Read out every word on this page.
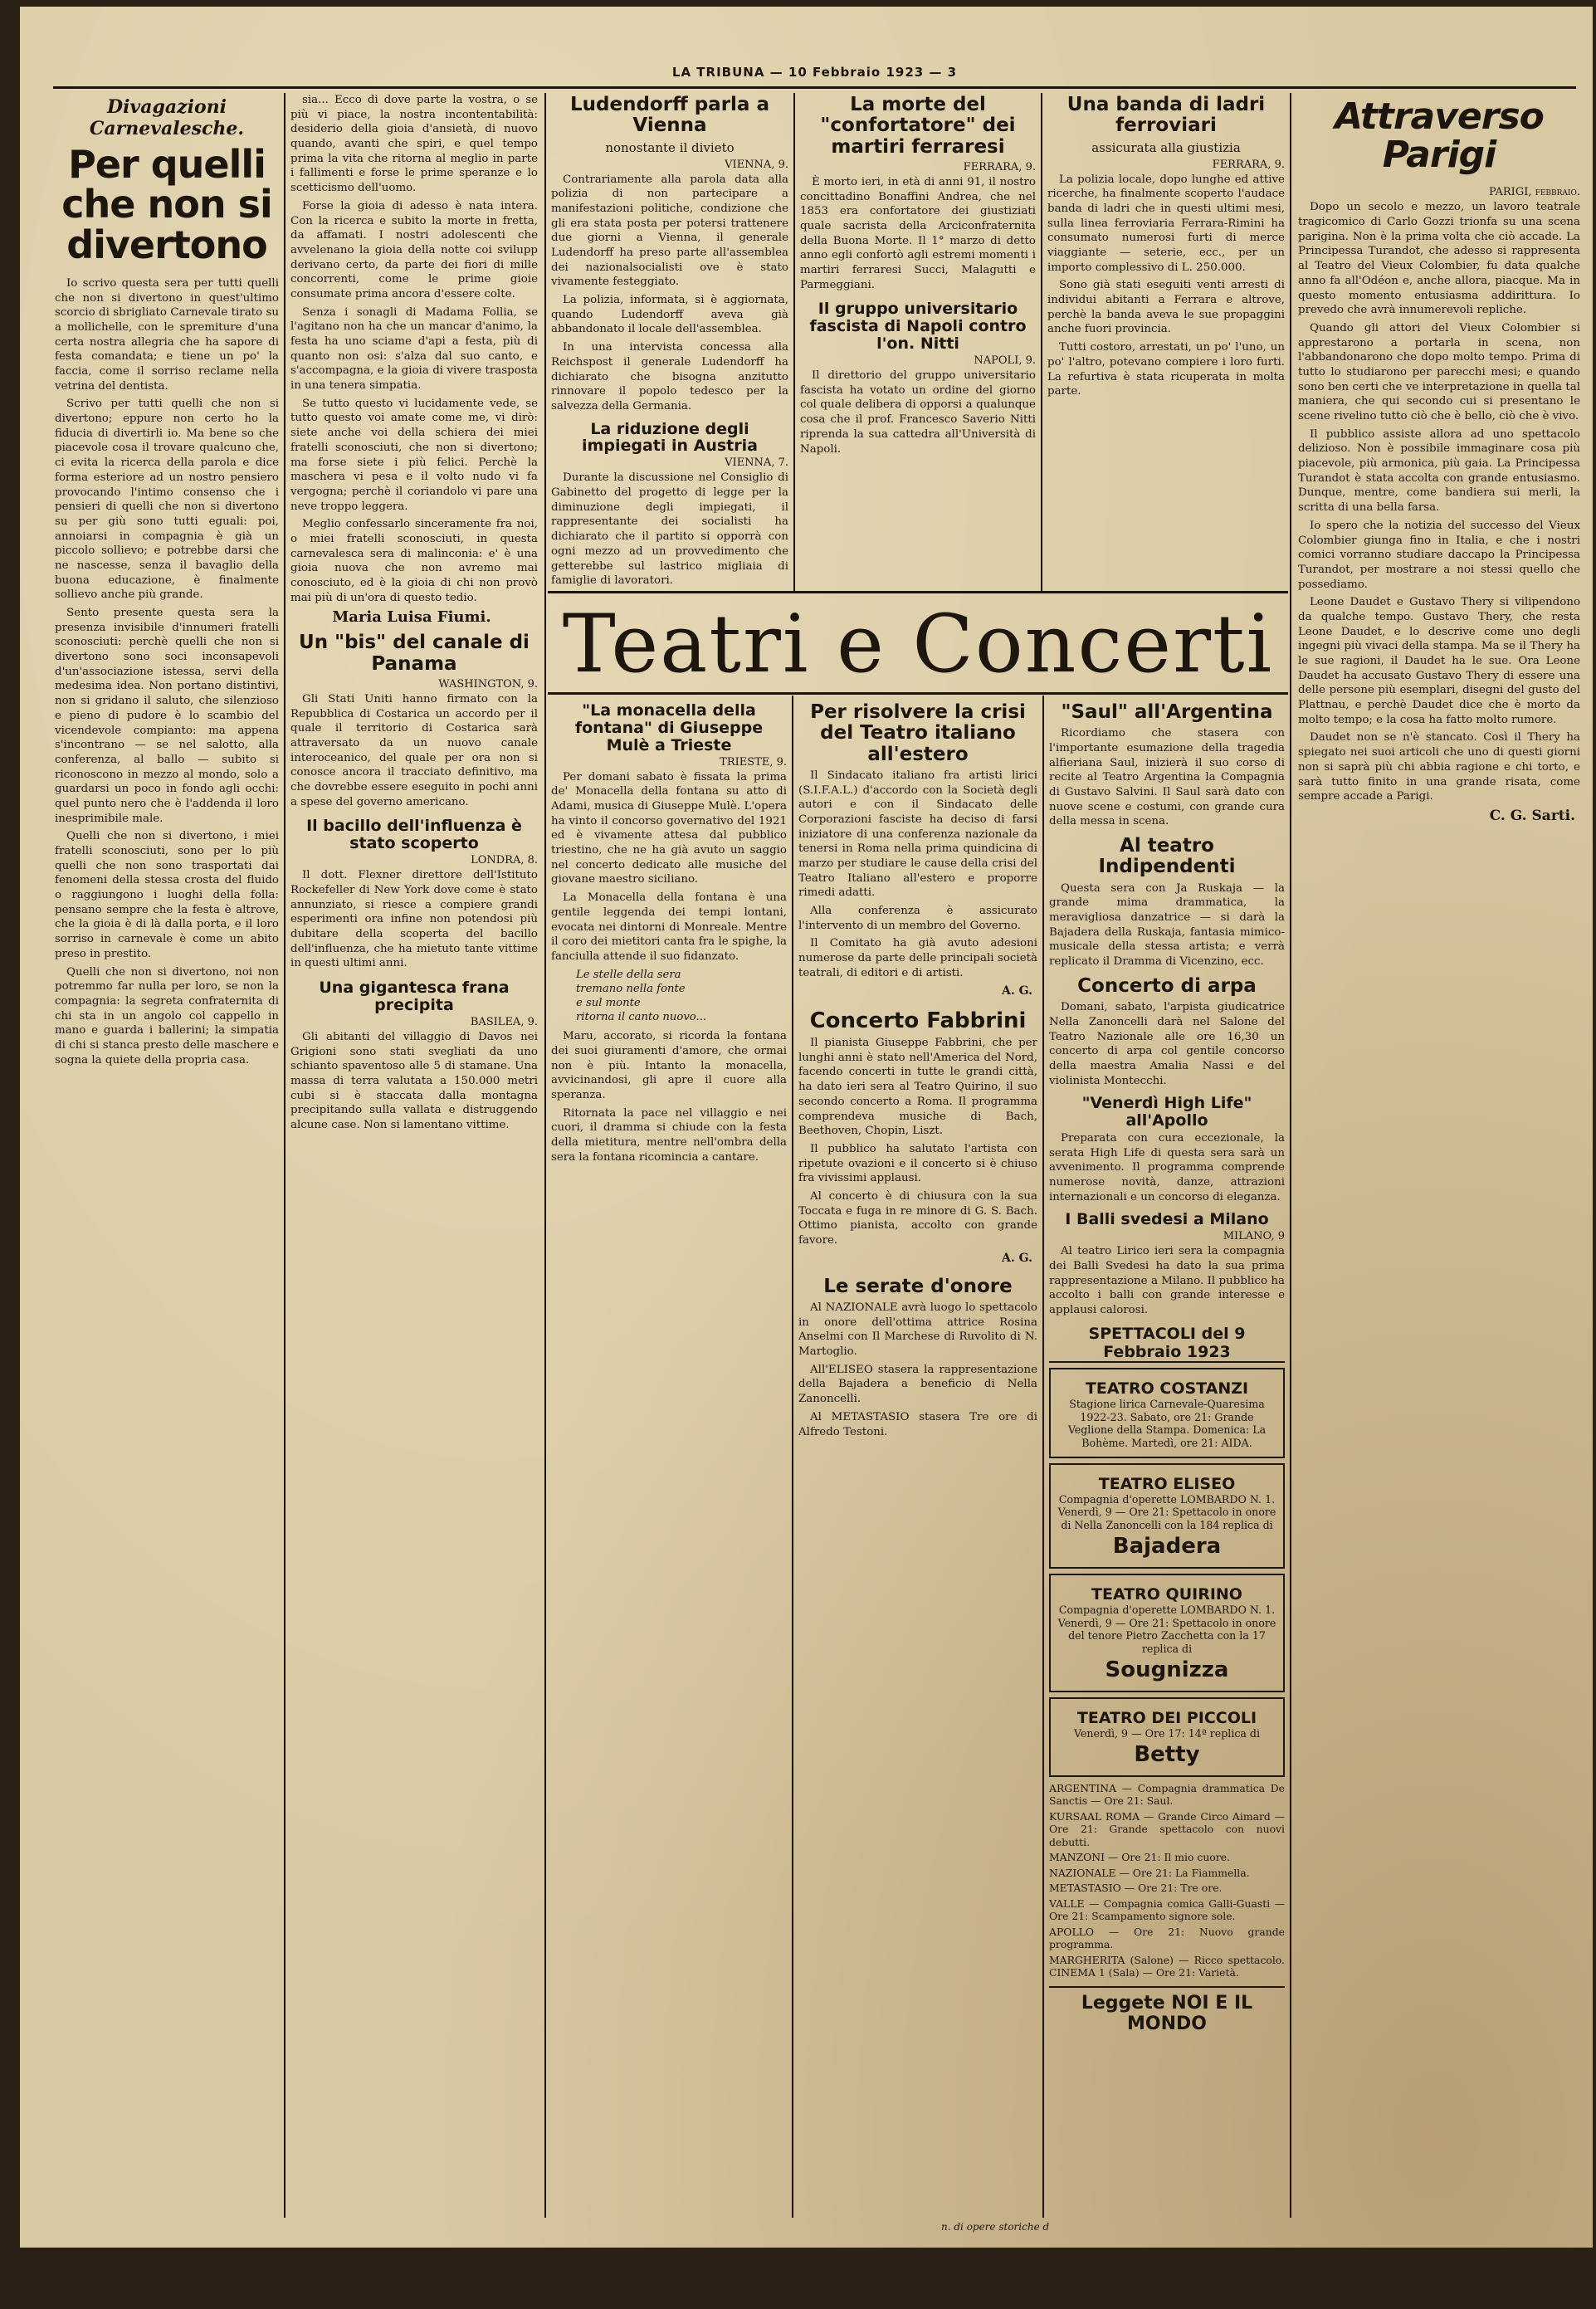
LA TRIBUNA — 10 Febbraio 1923 — 3
Divagazioni Carnevalesche.
Per quelli che non si divertono

Io scrivo questa sera per tutti quelli che non si divertono in quest'ultimo scorcio di sbrigliato Carnevale tirato su a mollichelle, con le spremiture d'una certa nostra allegria che ha sapore di festa comandata; e tiene un po' la faccia, come il sorriso reclame nella vetrina del dentista.

Scrivo per tutti quelli che non si divertono; eppure non certo ho la fiducia di divertirli io. Ma bene so che piacevole cosa il trovare qualcuno che, ci evita la ricerca della parola e dice forma esteriore ad un nostro pensiero provocando l'intimo consenso che i pensieri di quelli che non si divertono su per giù sono tutti eguali: poi, annoiarsi in compagnia è già un piccolo sollievo; e potrebbe darsi che ne nascesse, senza il bavaglio della buona educazione, è finalmente sollievo anche più grande.

Sento presente questa sera la presenza invisibile d'innumeri fratelli sconosciuti: perchè quelli che non si divertono sono soci inconsapevoli d'un'associazione istessa, servi della medesima idea. Non portano distintivi, non si gridano il saluto, che silenzioso e pieno di pudore è lo scambio del vicendevole compianto: ma appena s'incontrano — se nel salotto, alla conferenza, al ballo — subito si riconoscono in mezzo al mondo, solo a guardarsi un poco in fondo agli occhi: quel punto nero che è l'addenda il loro inesprimibile male.

Quelli che non si divertono, i miei fratelli sconosciuti, sono per lo più quelli che non sono trasportati dai fenomeni della stessa crosta del fluido o raggiungono i luoghi della folla: pensano sempre che la festa è altrove, che la gioia è di là dalla porta, e il loro sorriso in carnevale è come un abito preso in prestito.

Quelli che non si divertono, noi non potremmo far nulla per loro, se non la compagnia: la segreta confraternita di chi sta in un angolo col cappello in mano e guarda i ballerini; la simpatia di chi si stanca presto delle maschere e sogna la quiete della propria casa.

sia... Ecco di dove parte la vostra, o se più vi piace, la nostra incontentabilità: desiderio della gioia d'ansietà, di nuovo quando, avanti che spiri, e quel tempo prima la vita che ritorna al meglio in parte i fallimenti e forse le prime speranze e lo scetticismo dell'uomo.

Forse la gioia di adesso è nata intera. Con la ricerca e subito la morte in fretta, da affamati. I nostri adolescenti che avvelenano la gioia della notte coi svilupp derivano certo, da parte dei fiori di mille concorrenti, come le prime gioie consumate prima ancora d'essere colte.

Senza i sonagli di Madama Follia, se l'agitano non ha che un mancar d'animo, la festa ha uno sciame d'api a festa, più di quanto non osi: s'alza dal suo canto, e s'accompagna, e la gioia di vivere trasposta in una tenera simpatia.

Se tutto questo vi lucidamente vede, se tutto questo voi amate come me, vi dirò: siete anche voi della schiera dei miei fratelli sconosciuti, che non si divertono; ma forse siete i più felici. Perchè la maschera vi pesa e il volto nudo vi fa vergogna; perchè il coriandolo vi pare una neve troppo leggera.

Meglio confessarlo sinceramente fra noi, o miei fratelli sconosciuti, in questa carnevalesca sera di malinconia: e' è una gioia nuova che non avremo mai conosciuto, ed è la gioia di chi non provò mai più di un'ora di questo tedio.

Maria Luisa Fiumi.
Un "bis" del canale di Panama
WASHINGTON, 9.

Gli Stati Uniti hanno firmato con la Repubblica di Costarica un accordo per il quale il territorio di Costarica sarà attraversato da un nuovo canale interoceanico, del quale per ora non si conosce ancora il tracciato definitivo, ma che dovrebbe essere eseguito in pochi anni a spese del governo americano.

Il bacillo dell'influenza è stato scoperto
LONDRA, 8.

Il dott. Flexner direttore dell'Istituto Rockefeller di New York dove come è stato annunziato, si riesce a compiere grandi esperimenti ora infine non potendosi più dubitare della scoperta del bacillo dell'influenza, che ha mietuto tante vittime in questi ultimi anni.

Una gigantesca frana precipita
BASILEA, 9.

Gli abitanti del villaggio di Davos nei Grigioni sono stati svegliati da uno schianto spaventoso alle 5 di stamane. Una massa di terra valutata a 150.000 metri cubi si è staccata dalla montagna precipitando sulla vallata e distruggendo alcune case. Non si lamentano vittime.

Ludendorff parla a Vienna
nonostante il divieto
VIENNA, 9.

Contrariamente alla parola data alla polizia di non partecipare a manifestazioni politiche, condizione che gli era stata posta per potersi trattenere due giorni a Vienna, il generale Ludendorff ha preso parte all'assemblea dei nazionalsocialisti ove è stato vivamente festeggiato.

La polizia, informata, si è aggiornata, quando Ludendorff aveva già abbandonato il locale dell'assemblea.

In una intervista concessa alla Reichspost il generale Ludendorff ha dichiarato che bisogna anzitutto rinnovare il popolo tedesco per la salvezza della Germania.

La riduzione degli impiegati in Austria
VIENNA, 7.

Durante la discussione nel Consiglio di Gabinetto del progetto di legge per la diminuzione degli impiegati, il rappresentante dei socialisti ha dichiarato che il partito si opporrà con ogni mezzo ad un provvedimento che getterebbe sul lastrico migliaia di famiglie di lavoratori.

La morte del "confortatore" dei martiri ferraresi
FERRARA, 9.

È morto ieri, in età di anni 91, il nostro concittadino Bonaffini Andrea, che nel 1853 era confortatore dei giustiziati quale sacrista della Arciconfraternita della Buona Morte. Il 1° marzo di detto anno egli confortò agli estremi momenti i martiri ferraresi Succi, Malagutti e Parmeggiani.

Il gruppo universitario fascista di Napoli contro l'on. Nitti
NAPOLI, 9.

Il direttorio del gruppo universitario fascista ha votato un ordine del giorno col quale delibera di opporsi a qualunque cosa che il prof. Francesco Saverio Nitti riprenda la sua cattedra all'Università di Napoli.

Una banda di ladri ferroviari
assicurata alla giustizia
FERRARA, 9.

La polizia locale, dopo lunghe ed attive ricerche, ha finalmente scoperto l'audace banda di ladri che in questi ultimi mesi, sulla linea ferroviaria Ferrara-Rimini ha consumato numerosi furti di merce viaggiante — seterie, ecc., per un importo complessivo di L. 250.000.

Sono già stati eseguiti venti arresti di individui abitanti a Ferrara e altrove, perchè la banda aveva le sue propaggini anche fuori provincia.

Tutti costoro, arrestati, un po' l'uno, un po' l'altro, potevano compiere i loro furti. La refurtiva è stata ricuperata in molta parte.

Teatri e Concerti
"La monacella della fontana" di Giuseppe Mulè a Trieste
TRIESTE, 9.

Per domani sabato è fissata la prima de' Monacella della fontana su atto di Adami, musica di Giuseppe Mulè. L'opera ha vinto il concorso governativo del 1921 ed è vivamente attesa dal pubblico triestino, che ne ha già avuto un saggio nel concerto dedicato alle musiche del giovane maestro siciliano.

La Monacella della fontana è una gentile leggenda dei tempi lontani, evocata nei dintorni di Monreale. Mentre il coro dei mietitori canta fra le spighe, la fanciulla attende il suo fidanzato.

Le stelle della sera
tremano nella fonte
e sul monte
ritorna il canto nuovo...

Maru, accorato, si ricorda la fontana dei suoi giuramenti d'amore, che ormai non è più. Intanto la monacella, avvicinandosi, gli apre il cuore alla speranza.

Ritornata la pace nel villaggio e nei cuori, il dramma si chiude con la festa della mietitura, mentre nell'ombra della sera la fontana ricomincia a cantare.

Per risolvere la crisi del Teatro italiano all'estero

Il Sindacato italiano fra artisti lirici (S.I.F.A.L.) d'accordo con la Società degli autori e con il Sindacato delle Corporazioni fasciste ha deciso di farsi iniziatore di una conferenza nazionale da tenersi in Roma nella prima quindicina di marzo per studiare le cause della crisi del Teatro Italiano all'estero e proporre rimedi adatti.

Alla conferenza è assicurato l'intervento di un membro del Governo.

Il Comitato ha già avuto adesioni numerose da parte delle principali società teatrali, di editori e di artisti.

A. G.
Concerto Fabbrini

Il pianista Giuseppe Fabbrini, che per lunghi anni è stato nell'America del Nord, facendo concerti in tutte le grandi città, ha dato ieri sera al Teatro Quirino, il suo secondo concerto a Roma. Il programma comprendeva musiche di Bach, Beethoven, Chopin, Liszt.

Il pubblico ha salutato l'artista con ripetute ovazioni e il concerto si è chiuso fra vivissimi applausi.

Al concerto è di chiusura con la sua Toccata e fuga in re minore di G. S. Bach. Ottimo pianista, accolto con grande favore.

A. G.
Le serate d'onore

Al NAZIONALE avrà luogo lo spettacolo in onore dell'ottima attrice Rosina Anselmi con Il Marchese di Ruvolito di N. Martoglio.

All'ELISEO stasera la rappresentazione della Bajadera a beneficio di Nella Zanoncelli.

Al METASTASIO stasera Tre ore di Alfredo Testoni.

"Saul" all'Argentina

Ricordiamo che stasera con l'importante esumazione della tragedia alfieriana Saul, inizierà il suo corso di recite al Teatro Argentina la Compagnia di Gustavo Salvini. Il Saul sarà dato con nuove scene e costumi, con grande cura della messa in scena.

Al teatro Indipendenti

Questa sera con Ja Ruskaja — la grande mima drammatica, la meravigliosa danzatrice — si darà la Bajadera della Ruskaja, fantasia mimico-musicale della stessa artista; e verrà replicato il Dramma di Vicenzino, ecc.

Concerto di arpa

Domani, sabato, l'arpista giudicatrice Nella Zanoncelli darà nel Salone del Teatro Nazionale alle ore 16,30 un concerto di arpa col gentile concorso della maestra Amalia Nassi e del violinista Montecchi.

"Venerdì High Life" all'Apollo

Preparata con cura eccezionale, la serata High Life di questa sera sarà un avvenimento. Il programma comprende numerose novità, danze, attrazioni internazionali e un concorso di eleganza.

I Balli svedesi a Milano
MILANO, 9

Al teatro Lirico ieri sera la compagnia dei Balli Svedesi ha dato la sua prima rappresentazione a Milano. Il pubblico ha accolto i balli con grande interesse e applausi calorosi.

SPETTACOLI del 9 Febbraio 1923
TEATRO COSTANZI
Stagione lirica Carnevale-Quaresima 1922-23. Sabato, ore 21: Grande Veglione della Stampa. Domenica: La Bohème. Martedì, ore 21: AIDA.
TEATRO ELISEO
Compagnia d'operette LOMBARDO N. 1. Venerdì, 9 — Ore 21: Spettacolo in onore di Nella Zanoncelli con la 184 replica di
Bajadera
TEATRO QUIRINO
Compagnia d'operette LOMBARDO N. 1. Venerdì, 9 — Ore 21: Spettacolo in onore del tenore Pietro Zacchetta con la 17 replica di
Sougnizza
TEATRO DEI PICCOLI
Venerdì, 9 — Ore 17: 14ª replica di
Betty

ARGENTINA — Compagnia drammatica De Sanctis — Ore 21: Saul.

KURSAAL ROMA — Grande Circo Aimard — Ore 21: Grande spettacolo con nuovi debutti.

MANZONI — Ore 21: Il mio cuore.

NAZIONALE — Ore 21: La Fiammella.

METASTASIO — Ore 21: Tre ore.

VALLE — Compagnia comica Galli-Guasti — Ore 21: Scampamento signore sole.

APOLLO — Ore 21: Nuovo grande programma.

MARGHERITA (Salone) — Ricco spettacolo. CINEMA 1 (Sala) — Ore 21: Varietà.

Leggete NOI E IL MONDO
Attraverso Parigi
PARIGI, febbraio.

Dopo un secolo e mezzo, un lavoro teatrale tragicomico di Carlo Gozzi trionfa su una scena parigina. Non è la prima volta che ciò accade. La Principessa Turandot, che adesso si rappresenta al Teatro del Vieux Colombier, fu data qualche anno fa all'Odéon e, anche allora, piacque. Ma in questo momento entusiasma addirittura. Io prevedo che avrà innumerevoli repliche.

Quando gli attori del Vieux Colombier si apprestarono a portarla in scena, non l'abbandonarono che dopo molto tempo. Prima di tutto lo studiarono per parecchi mesi; e quando sono ben certi che ve interpretazione in quella tal maniera, che qui secondo cui si presentano le scene rivelino tutto ciò che è bello, ciò che è vivo.

Il pubblico assiste allora ad uno spettacolo delizioso. Non è possibile immaginare cosa più piacevole, più armonica, più gaia. La Principessa Turandot è stata accolta con grande entusiasmo. Dunque, mentre, come bandiera sui merli, la scritta di una bella farsa.

Io spero che la notizia del successo del Vieux Colombier giunga fino in Italia, e che i nostri comici vorranno studiare daccapo la Principessa Turandot, per mostrare a noi stessi quello che possediamo.

Leone Daudet e Gustavo Thery si vilipendono da qualche tempo. Gustavo Thery, che resta Leone Daudet, e lo descrive come uno degli ingegni più vivaci della stampa. Ma se il Thery ha le sue ragioni, il Daudet ha le sue. Ora Leone Daudet ha accusato Gustavo Thery di essere una delle persone più esemplari, disegni del gusto del Plattnau, e perchè Daudet dice che è morto da molto tempo; e la cosa ha fatto molto rumore.

Daudet non se n'è stancato. Così il Thery ha spiegato nei suoi articoli che uno di questi giorni non si saprà più chi abbia ragione e chi torto, e sarà tutto finito in una grande risata, come sempre accade a Parigi.

C. G. Sarti.
n. di opere storiche d
